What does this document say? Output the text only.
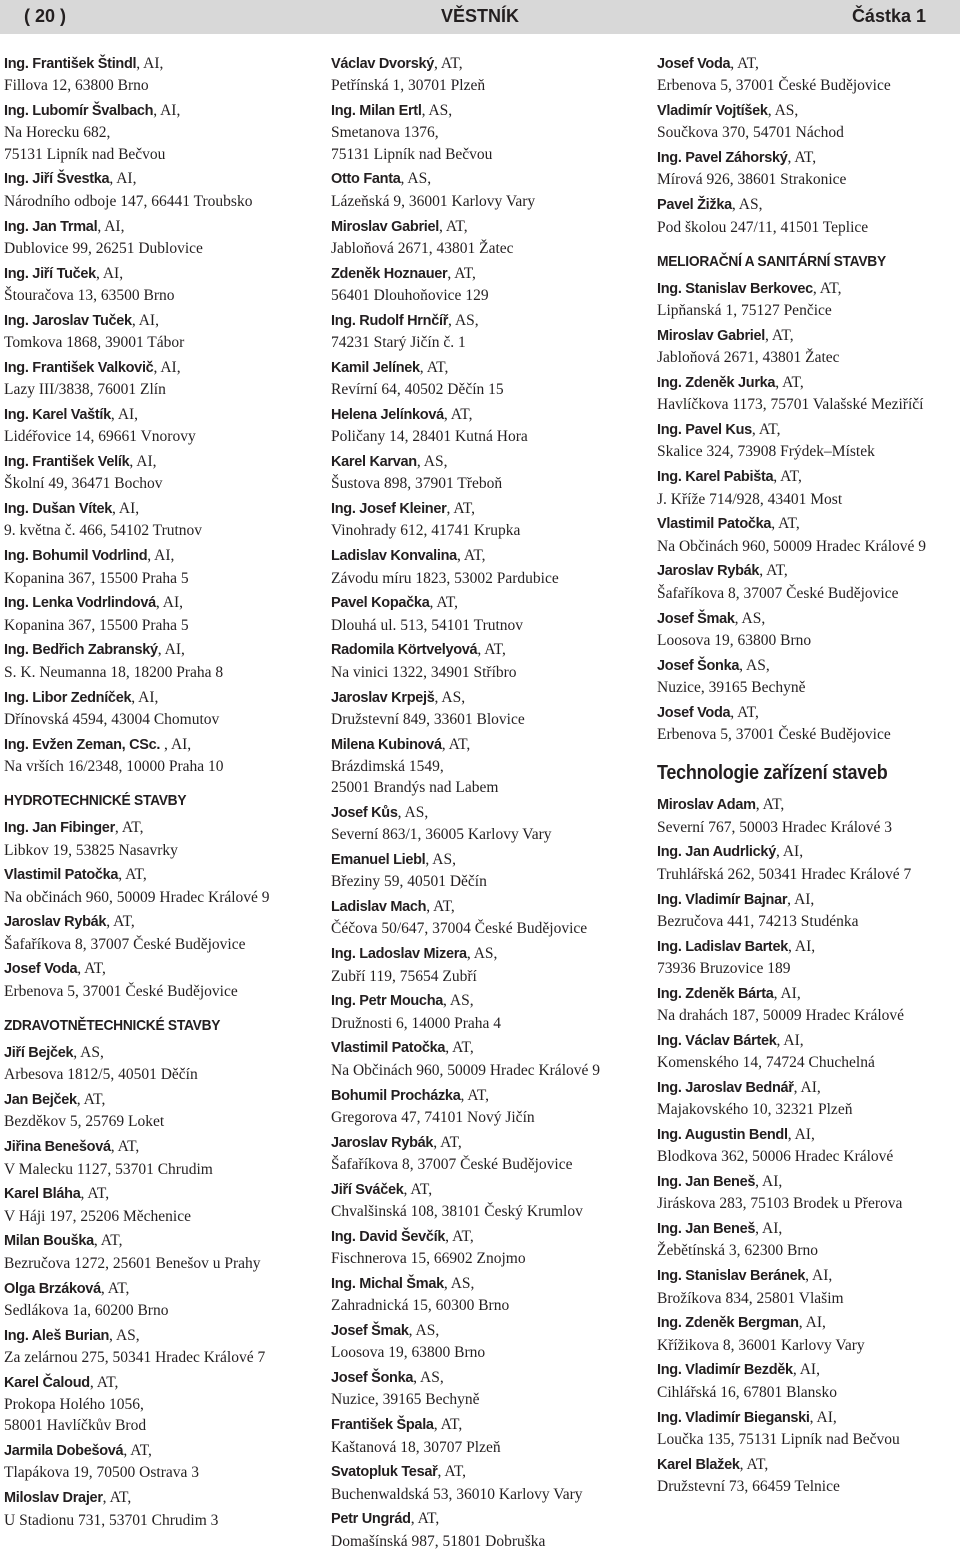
( 20 )	VĚSTNÍK	Částka 1
Ing. František Štindl, AI,
Fillova 12, 63800 Brno
Ing. Lubomír Švalbach, AI,
Na Horecku 682,
75131 Lipník nad Bečvou
Ing. Jiří Švestka, AI,
Národního odboje 147, 66441 Troubsko
Ing. Jan Trmal, AI,
Dublovice 99, 26251 Dublovice
Ing. Jiří Tuček, AI,
Štouračova 13, 63500 Brno
Ing. Jaroslav Tuček, AI,
Tomkova 1868, 39001 Tábor
Ing. František Valkovič, AI,
Lazy III/3838, 76001 Zlín
Ing. Karel Vaštík, AI,
Lidéřovice 14, 69661 Vnorovy
Ing. František Velík, AI,
Školní 49, 36471 Bochov
Ing. Dušan Vítek, AI,
9. května č. 466, 54102 Trutnov
Ing. Bohumil Vodrlind, AI,
Kopanina 367, 15500 Praha 5
Ing. Lenka Vodrlindová, AI,
Kopanina 367, 15500 Praha 5
Ing. Bedřich Zabranský, AI,
S. K. Neumanna 18, 18200 Praha 8
Ing. Libor Zedníček, AI,
Dřínovská 4594, 43004 Chomutov
Ing. Evžen Zeman, CSc. , AI,
Na vrších 16/2348, 10000 Praha 10
HYDROTECHNICKÉ STAVBY
Ing. Jan Fibinger, AT,
Libkov 19, 53825 Nasavrky
Vlastimil Patočka, AT,
Na občinách 960, 50009 Hradec Králové 9
Jaroslav Rybák, AT,
Šafaříkova 8, 37007 České Budějovice
Josef Voda, AT,
Erbenova 5, 37001 České Budějovice
ZDRAVOTNĚTECHNICKÉ STAVBY
Jiří Bejček, AS,
Arbesova 1812/5, 40501 Děčín
Jan Bejček, AT,
Bezděkov 5, 25769 Loket
Jiřina Benešová, AT,
V Malecku 1127, 53701 Chrudim
Karel Bláha, AT,
V Háji 197, 25206 Měchenice
Milan Bouška, AT,
Bezručova 1272, 25601 Benešov u Prahy
Olga Brzáková, AT,
Sedlákova 1a, 60200 Brno
Ing. Aleš Burian, AS,
Za zelárnou 275, 50341 Hradec Králové 7
Karel Čaloud, AT,
Prokopa Holého 1056,
58001 Havlíčkův Brod
Jarmila Dobešová, AT,
Tlapákova 19, 70500 Ostrava 3
Miloslav Drajer, AT,
U Stadionu 731, 53701 Chrudim 3
Václav Dvorský, AT,
Petřínská 1, 30701 Plzeň
Ing. Milan Ertl, AS,
Smetanova 1376,
75131 Lipník nad Bečvou
Otto Fanta, AS,
Lázeňská 9, 36001 Karlovy Vary
Miroslav Gabriel, AT,
Jabloňová 2671, 43801 Žatec
Zdeněk Hoznauer, AT,
56401 Dlouhoňovice 129
Ing. Rudolf Hrnčíř, AS,
74231 Starý Jičín č. 1
Kamil Jelínek, AT,
Revírní 64, 40502 Děčín 15
Helena Jelínková, AT,
Poličany 14, 28401 Kutná Hora
Karel Karvan, AS,
Šustova 898, 37901 Třeboň
Ing. Josef Kleiner, AT,
Vinohrady 612, 41741 Krupka
Ladislav Konvalina, AT,
Závodu míru 1823, 53002 Pardubice
Pavel Kopačka, AT,
Dlouhá ul. 513, 54101 Trutnov
Radomila Körtvelyová, AT,
Na vinici 1322, 34901 Stříbro
Jaroslav Krpejš, AS,
Družstevní 849, 33601 Blovice
Milena Kubinová, AT,
Brázdimská 1549,
25001 Brandýs nad Labem
Josef Kůs, AS,
Severní 863/1, 36005 Karlovy Vary
Emanuel Liebl, AS,
Březiny 59, 40501 Děčín
Ladislav Mach, AT,
Čéčova 50/647, 37004 České Budějovice
Ing. Ladoslav Mizera, AS,
Zubří 119, 75654 Zubří
Ing. Petr Moucha, AS,
Družnosti 6, 14000 Praha 4
Vlastimil Patočka, AT,
Na Občinách 960, 50009 Hradec Králové 9
Bohumil Procházka, AT,
Gregorova 47, 74101 Nový Jičín
Jaroslav Rybák, AT,
Šafaříkova 8, 37007 České Budějovice
Jiří Sváček, AT,
Chvalšinská 108, 38101 Český Krumlov
Ing. David Ševčík, AT,
Fischnerova 15, 66902 Znojmo
Ing. Michal Šmak, AS,
Zahradnická 15, 60300 Brno
Josef Šmak, AS,
Loosova 19, 63800 Brno
Josef Šonka, AS,
Nuzice, 39165 Bechyně
František Špala, AT,
Kaštanová 18, 30707 Plzeň
Svatopluk Tesař, AT,
Buchenwaldská 53, 36010 Karlovy Vary
Petr Ungrád, AT,
Domašínská 987, 51801 Dobruška
Josef Voda, AT,
Erbenova 5, 37001 České Budějovice
Vladimír Vojtíšek, AS,
Součkova 370, 54701 Náchod
Ing. Pavel Záhorský, AT,
Mírová 926, 38601 Strakonice
Pavel Žižka, AS,
Pod školou 247/11, 41501 Teplice
MELIORAČNÍ A SANITÁRNÍ STAVBY
Ing. Stanislav Berkovec, AT,
Lipňanská 1, 75127 Penčice
Miroslav Gabriel, AT,
Jabloňová 2671, 43801 Žatec
Ing. Zdeněk Jurka, AT,
Havlíčkova 1173, 75701 Valašské Meziříčí
Ing. Pavel Kus, AT,
Skalice 324, 73908 Frýdek–Místek
Ing. Karel Pabišta, AT,
J. Kříže 714/928, 43401 Most
Vlastimil Patočka, AT,
Na Občinách 960, 50009 Hradec Králové 9
Jaroslav Rybák, AT,
Šafaříkova 8, 37007 České Budějovice
Josef Šmak, AS,
Loosova 19, 63800 Brno
Josef Šonka, AS,
Nuzice, 39165 Bechyně
Josef Voda, AT,
Erbenova 5, 37001 České Budějovice
Technologie zařízení staveb
Miroslav Adam, AT,
Severní 767, 50003 Hradec Králové 3
Ing. Jan Audrlický, AI,
Truhlářská 262, 50341 Hradec Králové 7
Ing. Vladimír Bajnar, AI,
Bezručova 441, 74213 Studénka
Ing. Ladislav Bartek, AI,
73936 Bruzovice 189
Ing. Zdeněk Bárta, AI,
Na drahách 187, 50009 Hradec Králové
Ing. Václav Bártek, AI,
Komenského 14, 74724 Chuchelná
Ing. Jaroslav Bednář, AI,
Majakovského 10, 32321 Plzeň
Ing. Augustin Bendl, AI,
Blodkova 362, 50006 Hradec Králové
Ing. Jan Beneš, AI,
Jiráskova 283, 75103 Brodek u Přerova
Ing. Jan Beneš, AI,
Žebětínská 3, 62300 Brno
Ing. Stanislav Beránek, AI,
Brožíkova 834, 25801 Vlašim
Ing. Zdeněk Bergman, AI,
Křížikova 8, 36001 Karlovy Vary
Ing. Vladimír Bezděk, AI,
Cihlářská 16, 67801 Blansko
Ing. Vladimír Bieganski, AI,
Loučka 135, 75131 Lipník nad Bečvou
Karel Blažek, AT,
Družstevní 73, 66459 Telnice
